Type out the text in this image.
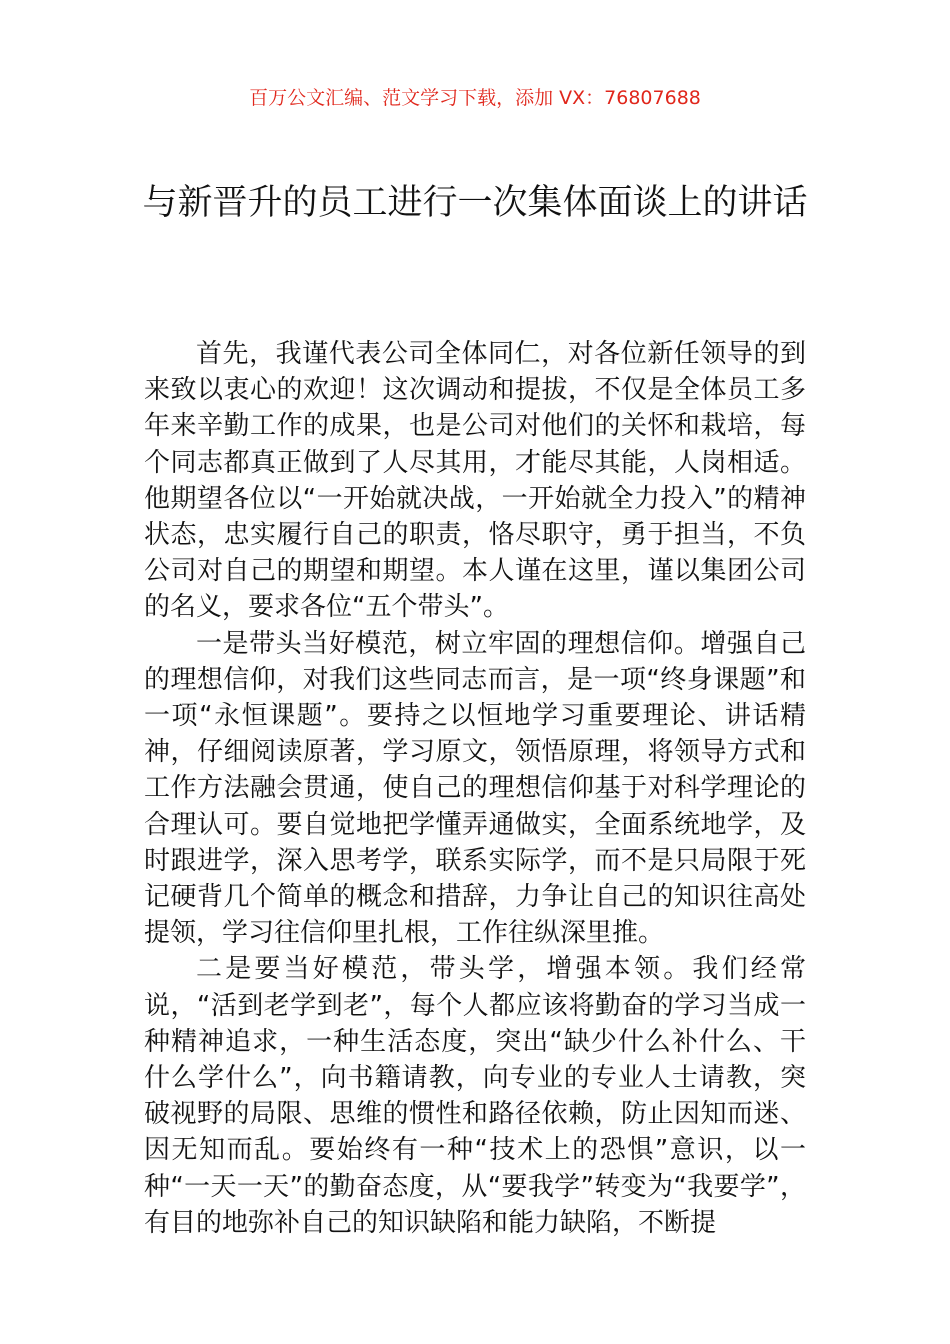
百万公文汇编、范文学习下载，添加 VX：76807688
与新晋升的员工进行一次集体面谈上的讲话

首先，我谨代表公司全体同仁，对各位新任领导的到来致以衷心的欢迎！这次调动和提拔，不仅是全体员工多年来辛勤工作的成果，也是公司对他们的关怀和栽培，每个同志都真正做到了人尽其用，才能尽其能，人岗相适。他期望各位以“一开始就决战，一开始就全力投入”的精神状态，忠实履行自己的职责，恪尽职守，勇于担当，不负公司对自己的期望和期望。本人谨在这里，谨以集团公司的名义，要求各位“五个带头”。

一是带头当好模范，树立牢固的理想信仰。增强自己的理想信仰，对我们这些同志而言，是一项“终身课题”和一项“永恒课题”。要持之以恒地学习重要理论、讲话精神，仔细阅读原著，学习原文，领悟原理，将领导方式和工作方法融会贯通，使自己的理想信仰基于对科学理论的合理认可。要自觉地把学懂弄通做实，全面系统地学，及时跟进学，深入思考学，联系实际学，而不是只局限于死记硬背几个简单的概念和措辞，力争让自己的知识往高处提领，学习往信仰里扎根，工作往纵深里推。

二是要当好模范，带头学，增强本领。我们经常说，“活到老学到老”，每个人都应该将勤奋的学习当成一种精神追求，一种生活态度，突出“缺少什么补什么、干什么学什么”，向书籍请教，向专业的专业人士请教，突破视野的局限、思维的惯性和路径依赖，防止因知而迷、因无知而乱。要始终有一种“技术上的恐惧”意识，以一种“一天一天”的勤奋态度，从“要我学”转变为“我要学”，有目的地弥补自己的知识缺陷和能力缺陷，不断提
